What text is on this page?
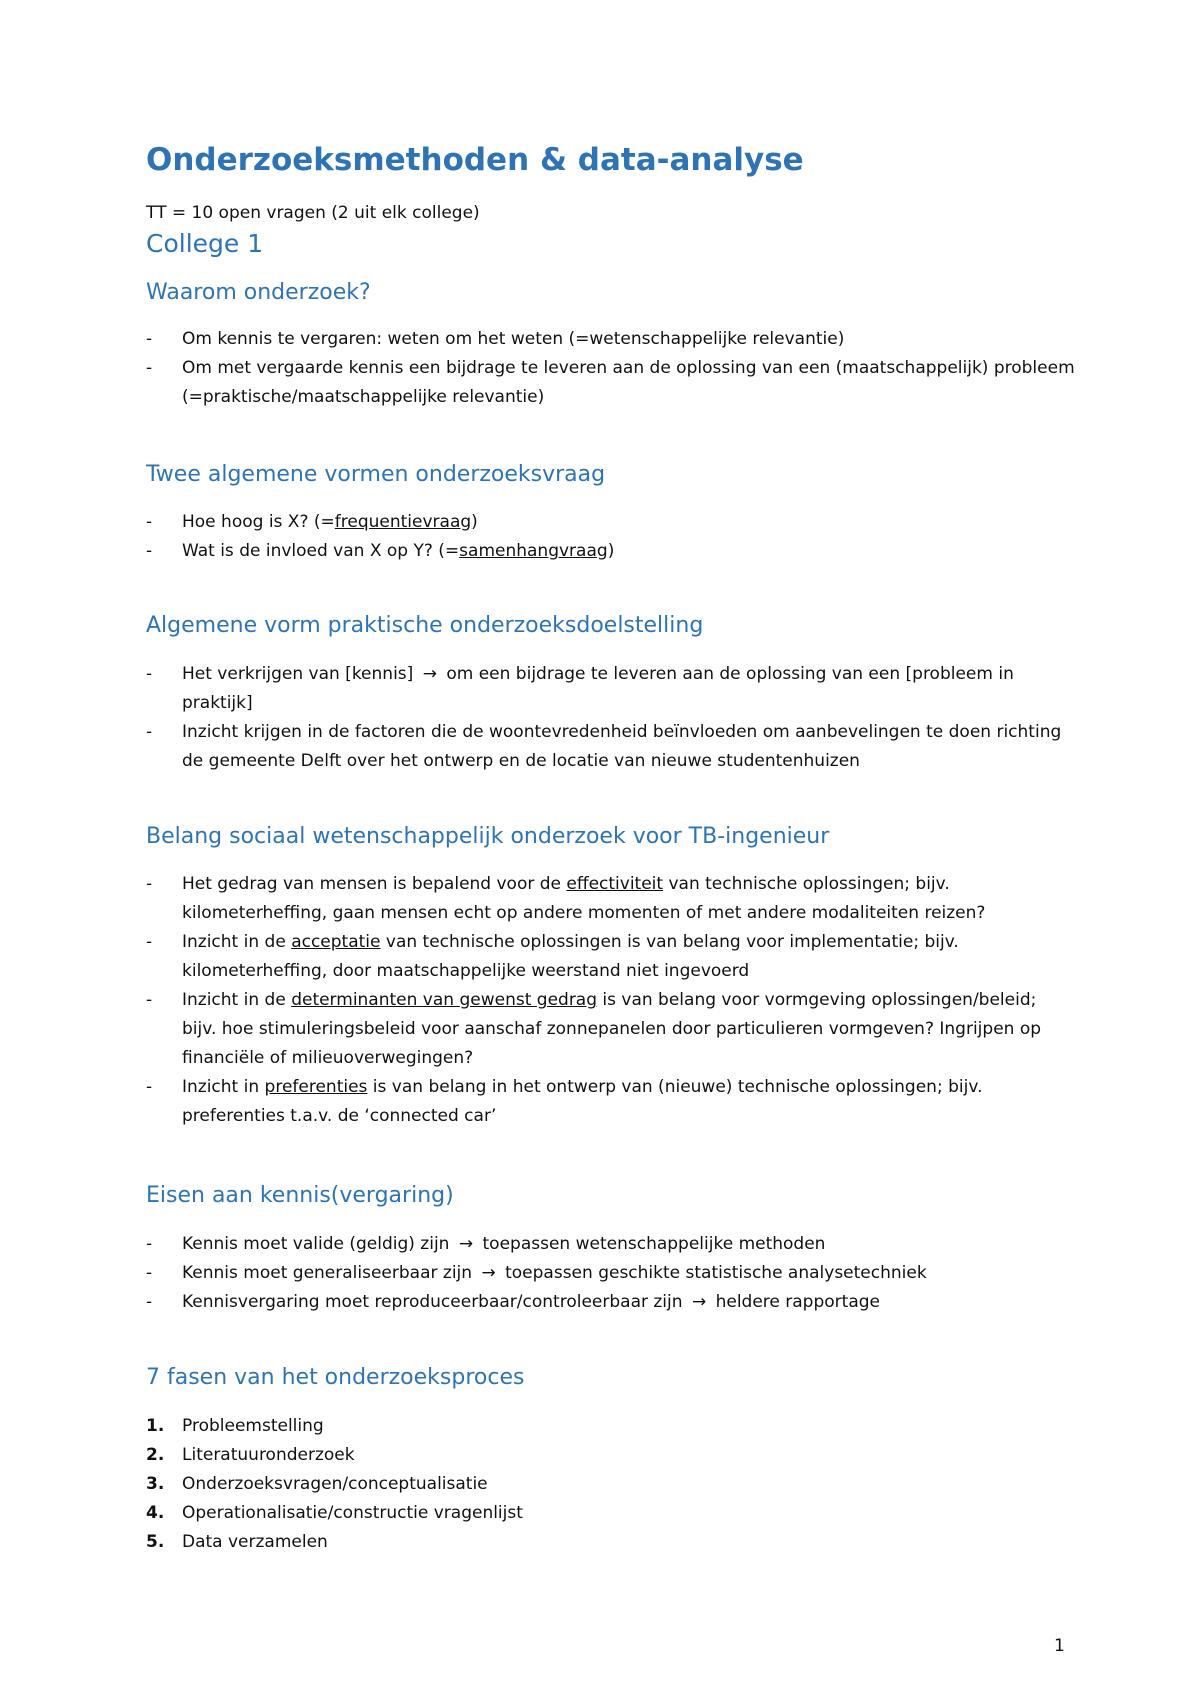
Onderzoeksmethoden & data-analyse
TT = 10 open vragen (2 uit elk college)
College 1
Waarom onderzoek?
- Om kennis te vergaren: weten om het weten (=wetenschappelijke relevantie)
- Om met vergaarde kennis een bijdrage te leveren aan de oplossing van een (maatschappelijk) probleem (=praktische/maatschappelijke relevantie)
Twee algemene vormen onderzoeksvraag
- Hoe hoog is X? (=frequentievraag)
- Wat is de invloed van X op Y? (=samenhangvraag)
Algemene vorm praktische onderzoeksdoelstelling
- Het verkrijgen van [kennis] → om een bijdrage te leveren aan de oplossing van een [probleem in praktijk]
- Inzicht krijgen in de factoren die de woontevredenheid beïnvloeden om aanbevelingen te doen richting de gemeente Delft over het ontwerp en de locatie van nieuwe studentenhuizen
Belang sociaal wetenschappelijk onderzoek voor TB-ingenieur
- Het gedrag van mensen is bepalend voor de effectiviteit van technische oplossingen; bijv. kilometerheffing, gaan mensen echt op andere momenten of met andere modaliteiten reizen?
- Inzicht in de acceptatie van technische oplossingen is van belang voor implementatie; bijv. kilometerheffing, door maatschappelijke weerstand niet ingevoerd
- Inzicht in de determinanten van gewenst gedrag is van belang voor vormgeving oplossingen/beleid; bijv. hoe stimuleringsbeleid voor aanschaf zonnepanelen door particulieren vormgeven? Ingrijpen op financiële of milieuoverwegingen?
- Inzicht in preferenties is van belang in het ontwerp van (nieuwe) technische oplossingen; bijv. preferenties t.a.v. de ‘connected car’
Eisen aan kennis(vergaring)
- Kennis moet valide (geldig) zijn → toepassen wetenschappelijke methoden
- Kennis moet generaliseerbaar zijn → toepassen geschikte statistische analysetechniek
- Kennisvergaring moet reproduceerbaar/controleerbaar zijn → heldere rapportage
7 fasen van het onderzoeksproces
1. Probleemstelling
2. Literatuuronderzoek
3. Onderzoeksvragen/conceptualisatie
4. Operationalisatie/constructie vragenlijst
5. Data verzamelen
1
